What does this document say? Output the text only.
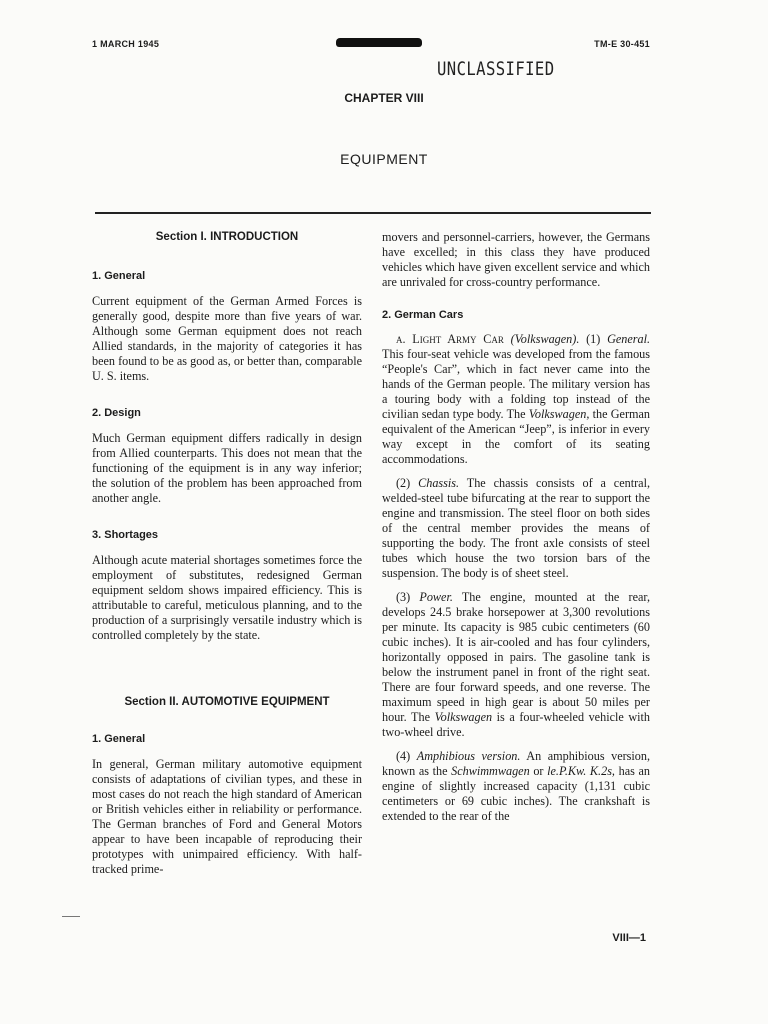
1 MARCH 1945	TM-E 30-451
UNCLASSIFIED
CHAPTER VIII
EQUIPMENT
Section I. INTRODUCTION
1. General

Current equipment of the German Armed Forces is generally good, despite more than five years of war. Although some German equipment does not reach Allied standards, in the majority of categories it has been found to be as good as, or better than, comparable U. S. items.

2. Design

Much German equipment differs radically in design from Allied counterparts. This does not mean that the functioning of the equipment is in any way inferior; the solution of the problem has been approached from another angle.

3. Shortages

Although acute material shortages sometimes force the employment of substitutes, redesigned German equipment seldom shows impaired efficiency. This is attributable to careful, meticulous planning, and to the production of a surprisingly versatile industry which is controlled completely by the state.

Section II. AUTOMOTIVE EQUIPMENT
1. General

In general, German military automotive equipment consists of adaptations of civilian types, and these in most cases do not reach the high standard of American or British vehicles either in reliability or performance. The German branches of Ford and General Motors appear to have been incapable of reproducing their prototypes with unimpaired efficiency. With half-tracked prime-

movers and personnel-carriers, however, the Germans have excelled; in this class they have produced vehicles which have given excellent service and which are unrivaled for cross-country performance.

2. German Cars

a. Light Army Car (Volkswagen). (1) General. This four-seat vehicle was developed from the famous “People's Car”, which in fact never came into the hands of the German people. The military version has a touring body with a folding top instead of the civilian sedan type body. The Volkswagen, the German equivalent of the American “Jeep”, is inferior in every way except in the comfort of its seating accommodations.

(2) Chassis. The chassis consists of a central, welded-steel tube bifurcating at the rear to support the engine and transmission. The steel floor on both sides of the central member provides the means of supporting the body. The front axle consists of steel tubes which house the two torsion bars of the suspension. The body is of sheet steel.

(3) Power. The engine, mounted at the rear, develops 24.5 brake horsepower at 3,300 revolutions per minute. Its capacity is 985 cubic centimeters (60 cubic inches). It is air-cooled and has four cylinders, horizontally opposed in pairs. The gasoline tank is below the instrument panel in front of the right seat. There are four forward speeds, and one reverse. The maximum speed in high gear is about 50 miles per hour. The Volkswagen is a four-wheeled vehicle with two-wheel drive.

(4) Amphibious version. An amphibious version, known as the Schwimmwagen or le.P.Kw. K.2s, has an engine of slightly increased capacity (1,131 cubic centimeters or 69 cubic inches). The crankshaft is extended to the rear of the

VIII—1
